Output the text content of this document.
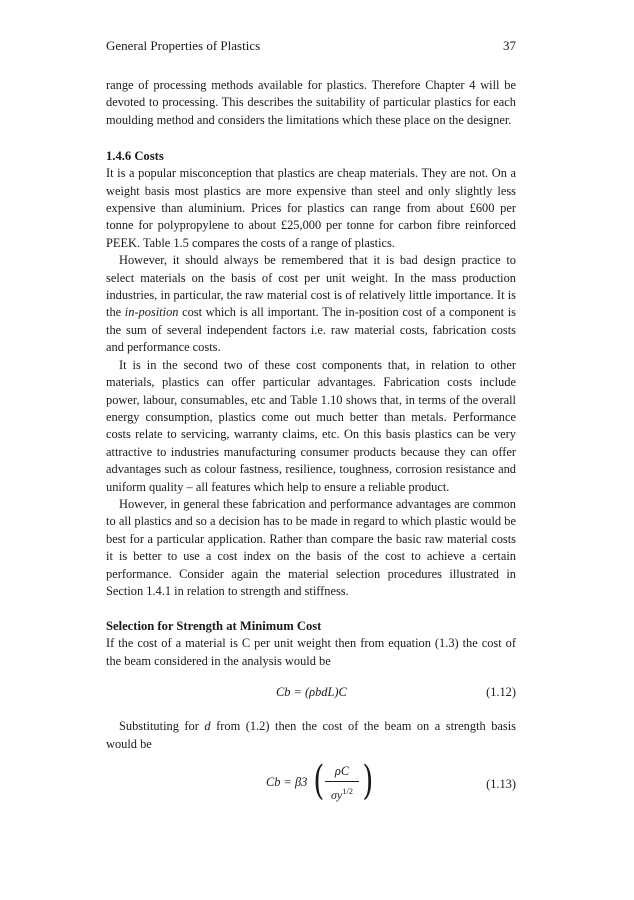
General Properties of Plastics	37

range of processing methods available for plastics. Therefore Chapter 4 will be devoted to processing. This describes the suitability of particular plastics for each moulding method and considers the limitations which these place on the designer.

1.4.6 Costs

It is a popular misconception that plastics are cheap materials. They are not. On a weight basis most plastics are more expensive than steel and only slightly less expensive than aluminium. Prices for plastics can range from about £600 per tonne for polypropylene to about £25,000 per tonne for carbon fibre reinforced PEEK. Table 1.5 compares the costs of a range of plastics.

However, it should always be remembered that it is bad design practice to select materials on the basis of cost per unit weight. In the mass production industries, in particular, the raw material cost is of relatively little importance. It is the in-position cost which is all important. The in-position cost of a component is the sum of several independent factors i.e. raw material costs, fabrication costs and performance costs.

It is in the second two of these cost components that, in relation to other materials, plastics can offer particular advantages. Fabrication costs include power, labour, consumables, etc and Table 1.10 shows that, in terms of the overall energy consumption, plastics come out much better than metals. Performance costs relate to servicing, warranty claims, etc. On this basis plastics can be very attractive to industries manufacturing consumer products because they can offer advantages such as colour fastness, resilience, toughness, corrosion resistance and uniform quality – all features which help to ensure a reliable product.

However, in general these fabrication and performance advantages are common to all plastics and so a decision has to be made in regard to which plastic would be best for a particular application. Rather than compare the basic raw material costs it is better to use a cost index on the basis of the cost to achieve a certain performance. Consider again the material selection procedures illustrated in Section 1.4.1 in relation to strength and stiffness.

Selection for Strength at Minimum Cost

If the cost of a material is C per unit weight then from equation (1.3) the cost of the beam considered in the analysis would be

Cb = (ρbdL)C	(1.12)

Substituting for d from (1.2) then the cost of the beam on a strength basis would be

Cb = β3 ( ρC
$\sigma y^{1/2}$ )	(1.13)
